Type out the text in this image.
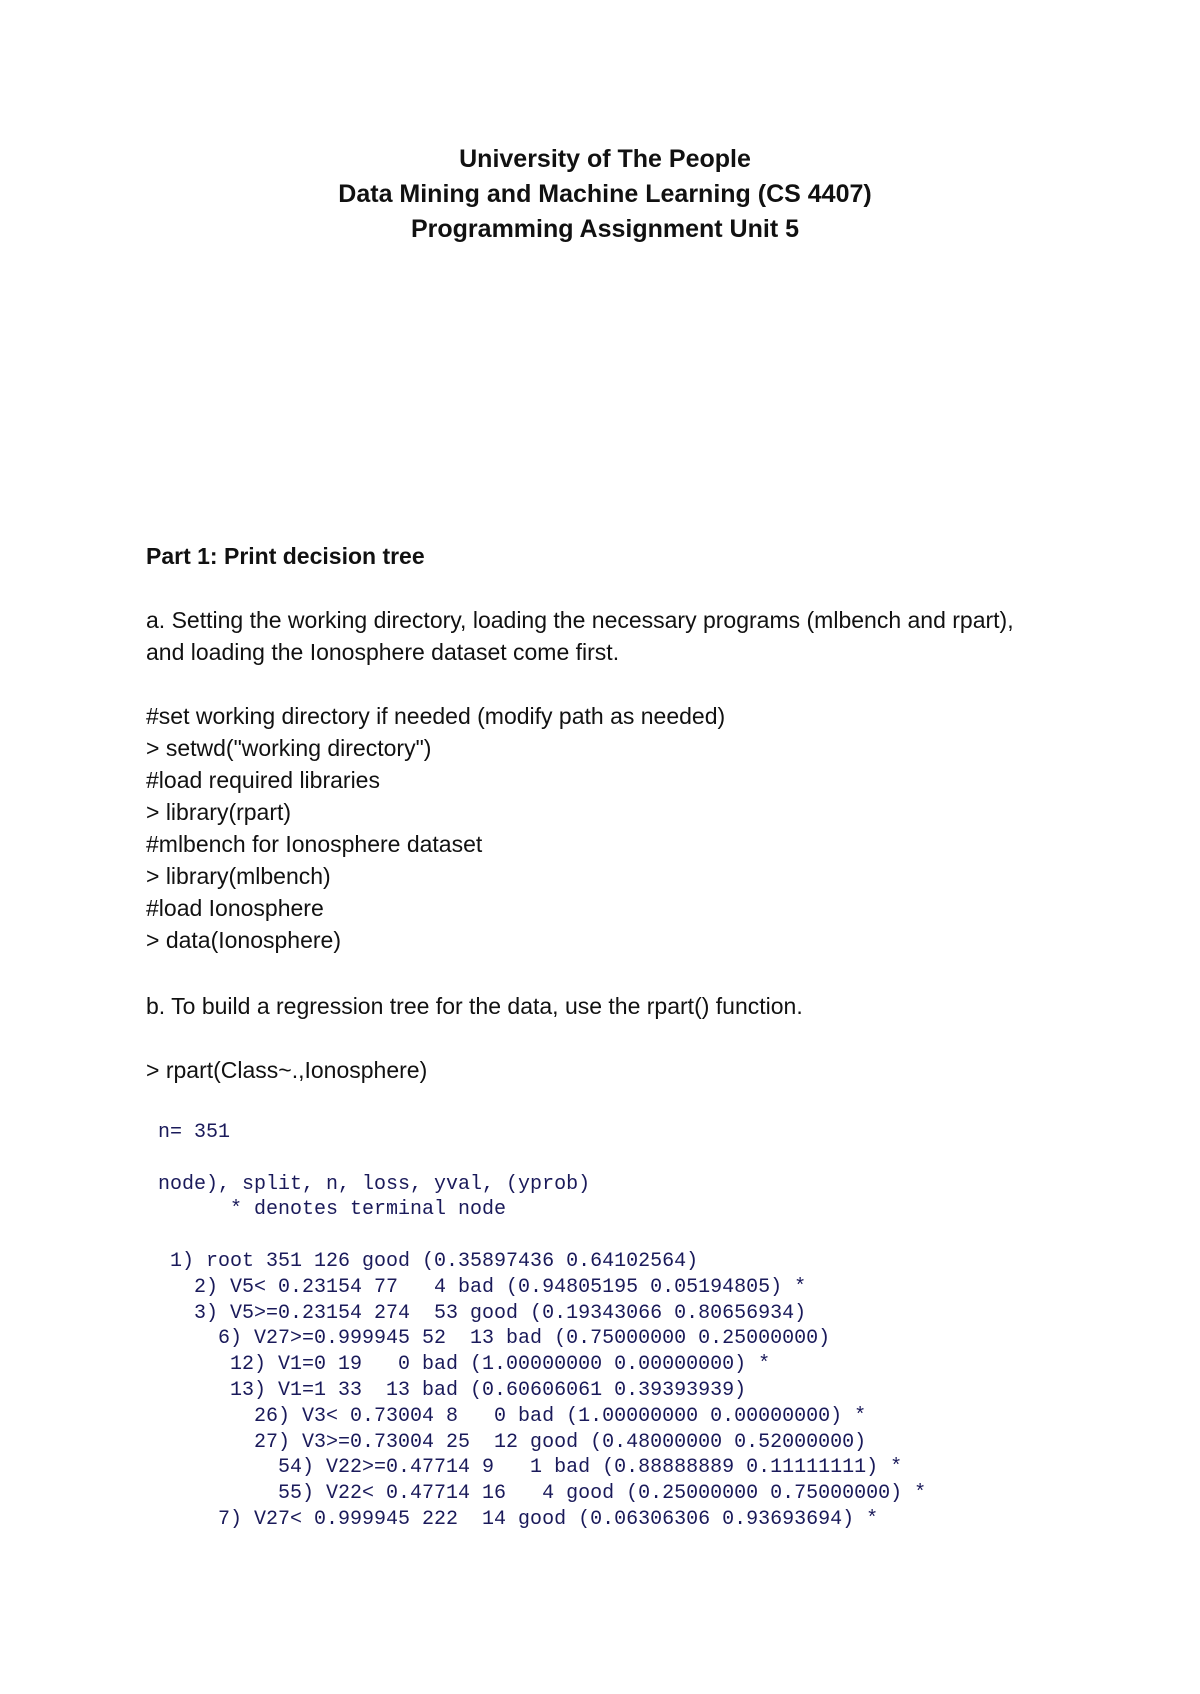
University of The People

Data Mining and Machine Learning (CS 4407)

Programming Assignment Unit 5

Part 1: Print decision tree

a. Setting the working directory, loading the necessary programs (mlbench and rpart), and loading the Ionosphere dataset come first.

#set working directory if needed (modify path as needed)
> setwd("working directory")
#load required libraries
> library(rpart)
#mlbench for Ionosphere dataset
> library(mlbench)
#load Ionosphere
> data(Ionosphere)

b. To build a regression tree for the data, use the rpart() function.

> rpart(Class~.,Ionosphere)

n= 351
node), split, n, loss, yval, (yprob)
* denotes terminal node
1) root 351 126 good (0.35897436 0.64102564)
2) V5< 0.23154 77   4 bad (0.94805195 0.05194805) *
3) V5>=0.23154 274  53 good (0.19343066 0.80656934)
6) V27>=0.999945 52  13 bad (0.75000000 0.25000000)
12) V1=0 19   0 bad (1.00000000 0.00000000) *
13) V1=1 33  13 bad (0.60606061 0.39393939)
26) V3< 0.73004 8   0 bad (1.00000000 0.00000000) *
27) V3>=0.73004 25  12 good (0.48000000 0.52000000)
54) V22>=0.47714 9   1 bad (0.88888889 0.11111111) *
55) V22< 0.47714 16   4 good (0.25000000 0.75000000) *
7) V27< 0.999945 222  14 good (0.06306306 0.93693694) *
